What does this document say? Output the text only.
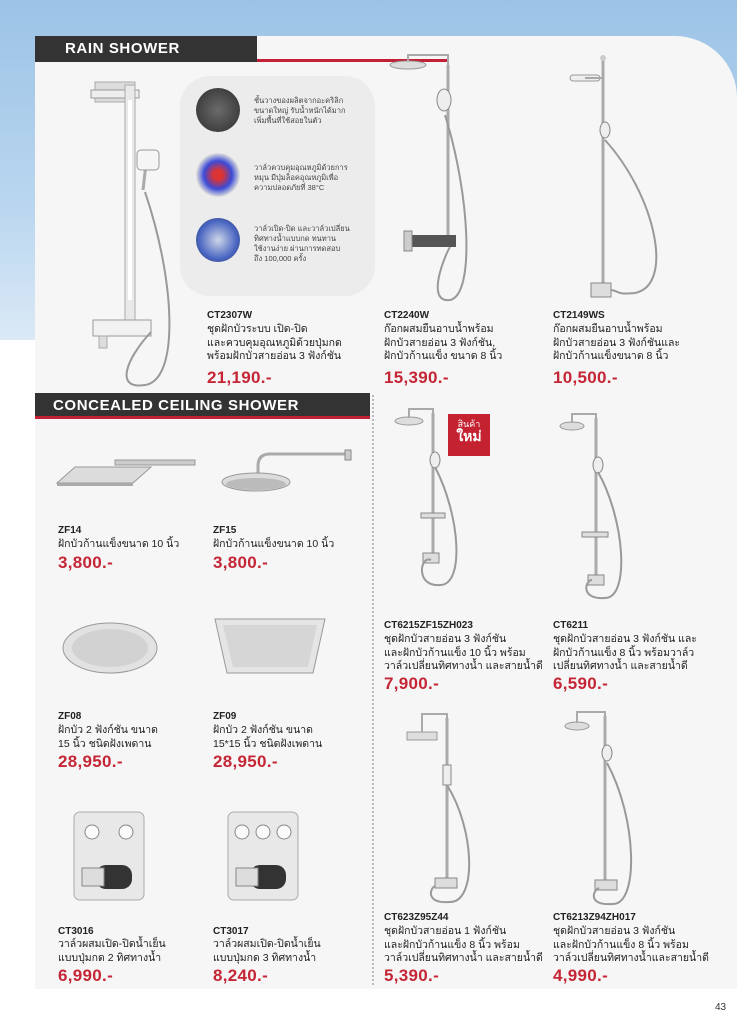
RAIN SHOWER
CONCEALED CEILING SHOWER
ชั้นวางของผลิตจากอะคริลิก
ขนาดใหญ่ รับน้ำหนักได้มาก
เพิ่มพื้นที่ใช้สอยในตัว
วาล์วควบคุมอุณหภูมิด้วยการ
หมุน มีปุ่มล็อคอุณหภูมิเพื่อ
ความปลอดภัยที่ 38°C
วาล์วเปิด-ปิด และวาล์วเปลี่ยน
ทิศทางน้ำแบบกด ทนทาน
ใช้งานง่าย ผ่านการทดสอบ
ถึง 100,000 ครั้ง
CT2307W
ชุดฝักบัวระบบ เปิด-ปิด
และควบคุมอุณหภูมิด้วยปุ่มกด
พร้อมฝักบัวสายอ่อน 3 ฟังก์ชัน
21,190.-
CT2240W
ก๊อกผสมยืนอาบน้ำพร้อม
ฝักบัวสายอ่อน 3 ฟังก์ชัน,
ฝักบัวก้านแข็ง ขนาด 8 นิ้ว
15,390.-
CT2149WS
ก๊อกผสมยืนอาบน้ำพร้อม
ฝักบัวสายอ่อน 3 ฟังก์ชันและ
ฝักบัวก้านแข็งขนาด 8 นิ้ว
10,500.-
ZF14
ฝักบัวก้านแข็งขนาด 10 นิ้ว
3,800.-
ZF15
ฝักบัวก้านแข็งขนาด 10 นิ้ว
3,800.-
ZF08
ฝักบัว 2 ฟังก์ชัน ขนาด
15 นิ้ว ชนิดฝังเพดาน
28,950.-
ZF09
ฝักบัว 2 ฟังก์ชัน ขนาด
15*15 นิ้ว ชนิดฝังเพดาน
28,950.-
CT3016
วาล์วผสมเปิด-ปิดน้ำเย็น
แบบปุ่มกด 2 ทิศทางน้ำ
6,990.-
CT3017
วาล์วผสมเปิด-ปิดน้ำเย็น
แบบปุ่มกด 3 ทิศทางน้ำ
8,240.-
สินค้า
ใหม่
CT6215ZF15ZH023
ชุดฝักบัวสายอ่อน 3 ฟังก์ชัน
และฝักบัวก้านแข็ง 10 นิ้ว พร้อม
วาล์วเปลี่ยนทิศทางน้ำ และสายน้ำดี
7,900.-
CT6211
ชุดฝักบัวสายอ่อน 3 ฟังก์ชัน และ
ฝักบัวก้านแข็ง 8 นิ้ว พร้อมวาล์ว
เปลี่ยนทิศทางน้ำ และสายน้ำดี
6,590.-
CT623Z95Z44
ชุดฝักบัวสายอ่อน 1 ฟังก์ชัน
และฝักบัวก้านแข็ง 8 นิ้ว พร้อม
วาล์วเปลี่ยนทิศทางน้ำ และสายน้ำดี
5,390.-
CT6213Z94ZH017
ชุดฝักบัวสายอ่อน 3 ฟังก์ชัน
และฝักบัวก้านแข็ง 8 นิ้ว พร้อม
วาล์วเปลี่ยนทิศทางน้ำและสายน้ำดี
4,990.-
43
